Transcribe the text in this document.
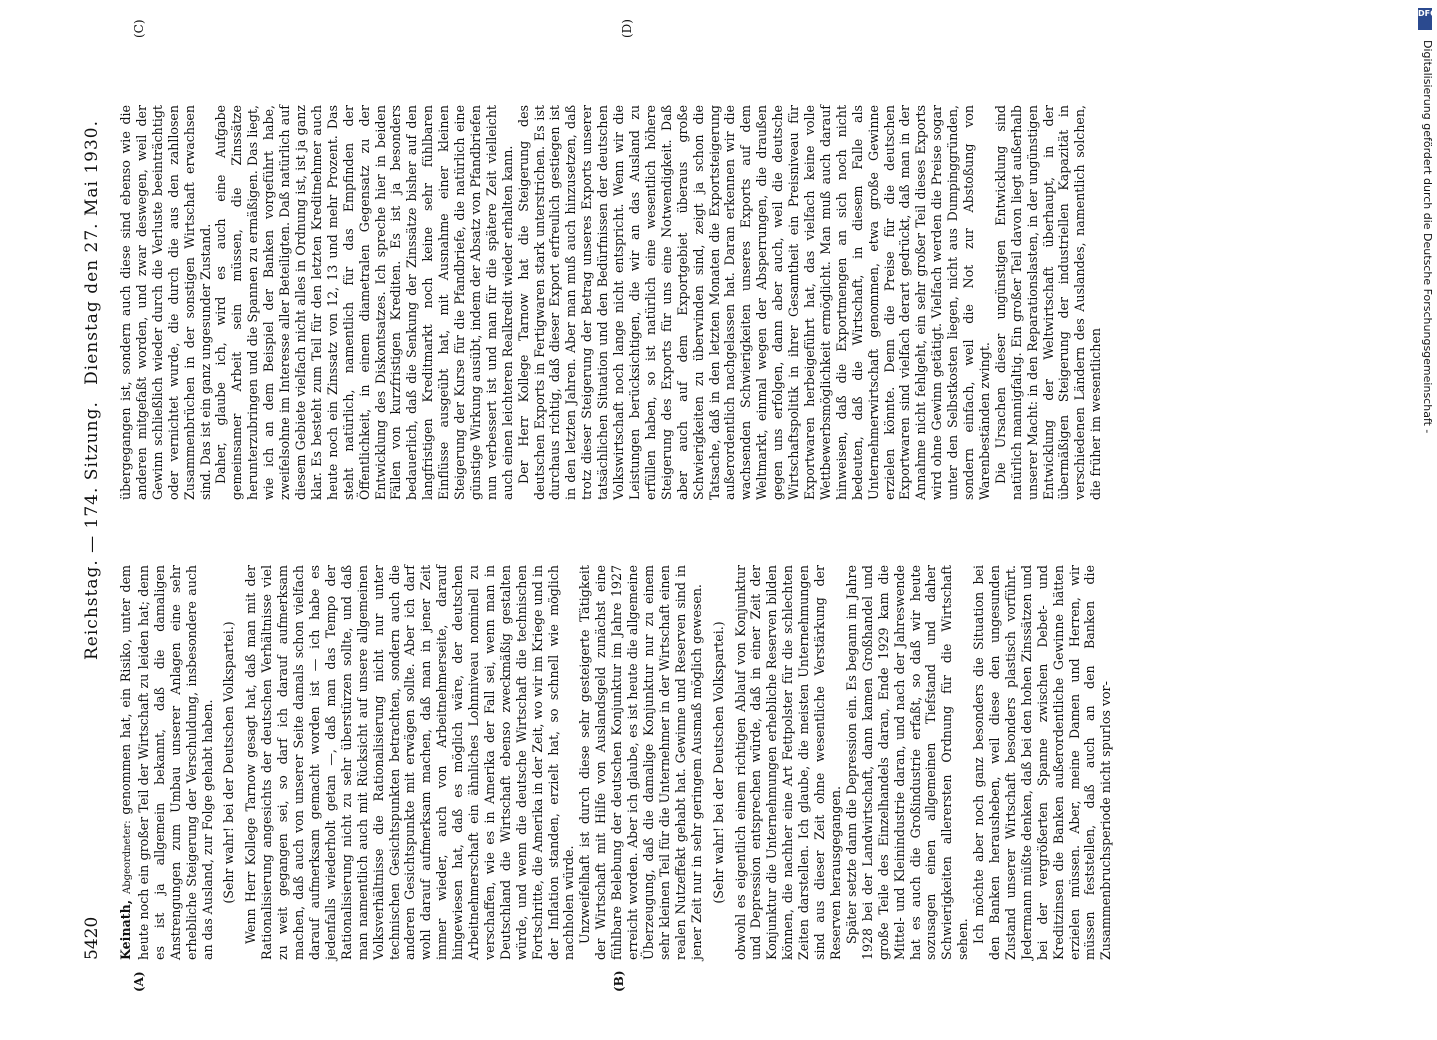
5420
Reichstag. — 174. Sitzung.
Dienstag den 27. Mai 1930.
(A)	(B)
(C)	(D)

Keinath, Abgeordneter: genommen hat, ein Risiko, unter dem heute noch ein großer Teil der Wirtschaft zu leiden hat; denn es ist ja allgemein bekannt, daß die damaligen Anstrengungen zum Umbau unserer Anlagen eine sehr erhebliche Steigerung der Verschuldung, insbesondere auch an das Ausland, zur Folge gehabt haben. (Sehr wahr! bei der Deutschen Volkspartei.) Wenn Herr Kollege Tarnow gesagt hat, daß man mit der Rationalisierung angesichts der deutschen Verhältnisse viel zu weit gegangen sei, so darf ich darauf aufmerksam machen, daß auch von unserer Seite damals schon vielfach darauf aufmerksam gemacht worden ist — ich habe es jedenfalls wiederholt getan —, daß man das Tempo der Rationalisierung nicht zu sehr überstürzen sollte, und daß man namentlich auch mit Rücksicht auf unsere allgemeinen Volksverhältnisse die Rationalisierung nicht nur unter technischen Gesichtspunkten betrachten, sondern auch die anderen Gesichtspunkte mit erwägen sollte. Aber ich darf wohl darauf aufmerksam machen, daß man in jener Zeit immer wieder, auch von Arbeitnehmerseite, darauf hingewiesen hat, daß es möglich wäre, der deutschen Arbeitnehmerschaft ein ähnliches Lohnniveau nominell zu verschaffen, wie es in Amerika der Fall sei, wenn man in Deutschland die Wirtschaft ebenso zweckmäßig gestalten würde, und wenn die deutsche Wirtschaft die technischen Fortschritte, die Amerika in der Zeit, wo wir im Kriege und in der Inflation standen, erzielt hat, so schnell wie möglich nachholen würde. Unzweifelhaft ist durch diese sehr gesteigerte Tätigkeit der Wirtschaft mit Hilfe von Auslandsgeld zunächst eine fühlbare Belebung der deutschen Konjunktur im Jahre 1927 erreicht worden. Aber ich glaube, es ist heute die allgemeine Überzeugung, daß die damalige Konjunktur nur zu einem sehr kleinen Teil für die Unternehmer in der Wirtschaft einen realen Nutzeffekt gehabt hat. Gewinne und Reserven sind in jener Zeit nur in sehr geringem Ausmaß möglich gewesen. (Sehr wahr! bei der Deutschen Volkspartei.) obwohl es eigentlich einem richtigen Ablauf von Konjunktur und Depression entsprechen würde, daß in einer Zeit der Konjunktur die Unternehmungen erhebliche Reserven bilden können, die nachher eine Art Fettpolster für die schlechten Zeiten darstellen. Ich glaube, die meisten Unternehmungen sind aus dieser Zeit ohne wesentliche Verstärkung der Reserven herausgegangen. Später setzte dann die Depression ein. Es begann im Jahre 1928 bei der Landwirtschaft, dann kamen Großhandel und große Teile des Einzelhandels daran, Ende 1929 kam die Mittel- und Kleinindustrie daran, und nach der Jahreswende hat es auch die Großindustrie erfaßt, so daß wir heute sozusagen einen allgemeinen Tiefstand und daher Schwierigkeiten allerersten Ordnung für die Wirtschaft sehen. Ich möchte aber noch ganz besonders die Situation bei den Banken herausheben, weil diese den ungesunden Zustand unserer Wirtschaft besonders plastisch vorführt. Jedermann müßte denken, daß bei den hohen Zinssätzen und bei der vergrößerten Spanne zwischen Debet- und Kreditzinsen die Banken außerordentliche Gewinne hätten erzielen müssen. Aber, meine Damen und Herren, wir müssen feststellen, daß auch an den Banken die Zusammenbruchsperiode nicht spurlos vor-

übergegangen ist, sondern auch diese sind ebenso wie die anderen mitgefaßt worden, und zwar deswegen, weil der Gewinn schließlich wieder durch die Verluste beeinträchtigt oder vernichtet wurde, die durch die aus den zahllosen Zusammenbrüchen in der sonstigen Wirtschaft erwachsen sind. Das ist ein ganz ungesunder Zustand. Daher, glaube ich, wird es auch eine Aufgabe gemeinsamer Arbeit sein müssen, die Zinssätze herunterzubringen und die Spannen zu ermäßigen. Das liegt, wie ich an dem Beispiel der Banken vorgeführt habe, zweifelsohne im Interesse aller Beteiligten. Daß natürlich auf diesem Gebiete vielfach nicht alles in Ordnung ist, ist ja ganz klar. Es besteht zum Teil für den letzten Kreditnehmer auch heute noch ein Zinssatz von 12, 13 und mehr Prozent. Das steht natürlich, namentlich für das Empfinden der Öffentlichkeit, in einem diametralen Gegensatz zu der Entwicklung des Diskontsatzes. Ich spreche hier in beiden Fällen von kurzfristigen Krediten. Es ist ja besonders bedauerlich, daß die Senkung der Zinssätze bisher auf den langfristigen Kreditmarkt noch keine sehr fühlbaren Einflüsse ausgeübt hat, mit Ausnahme einer kleinen Steigerung der Kurse für die Pfandbriefe, die natürlich eine günstige Wirkung ausübt, indem der Absatz von Pfandbriefen nun verbessert ist und man für die spätere Zeit vielleicht auch einen leichteren Realkredit wieder erhalten kann. Der Herr Kollege Tarnow hat die Steigerung des deutschen Exports in Fertigwaren stark unterstrichen. Es ist durchaus richtig, daß dieser Export erfreulich gestiegen ist in den letzten Jahren. Aber man muß auch hinzusetzen, daß trotz dieser Steigerung der Betrag unseres Exports unserer tatsächlichen Situation und den Bedürfnissen der deutschen Volkswirtschaft noch lange nicht entspricht. Wenn wir die Leistungen berücksichtigen, die wir an das Ausland zu erfüllen haben, so ist natürlich eine wesentlich höhere Steigerung des Exports für uns eine Notwendigkeit. Daß aber auch auf dem Exportgebiet überaus große Schwierigkeiten zu überwinden sind, zeigt ja schon die Tatsache, daß in den letzten Monaten die Exportsteigerung außerordentlich nachgelassen hat. Daran erkennen wir die wachsenden Schwierigkeiten unseres Exports auf dem Weltmarkt, einmal wegen der Absperrungen, die draußen gegen uns erfolgen, dann aber auch, weil die deutsche Wirtschaftspolitik in ihrer Gesamtheit ein Preisniveau für Exportwaren herbeigeführt hat, das vielfach keine volle Wettbewerbsmöglichkeit ermöglicht. Man muß auch darauf hinweisen, daß die Exportmengen an sich noch nicht bedeuten, daß die Wirtschaft, in diesem Falle als Unternehmerwirtschaft genommen, etwa große Gewinne erzielen könnte. Denn die Preise für die deutschen Exportwaren sind vielfach derart gedrückt, daß man in der Annahme nicht fehlgeht, ein sehr großer Teil dieses Exports wird ohne Gewinn getätigt. Vielfach werden die Preise sogar unter den Selbstkosten liegen, nicht aus Dumpinggründen, sondern einfach, weil die Not zur Abstoßung von Warenbeständen zwingt. Die Ursachen dieser ungünstigen Entwicklung sind natürlich mannigfaltig. Ein großer Teil davon liegt außerhalb unserer Macht: in den Reparationslasten, in der ungünstigen Entwicklung der Weltwirtschaft überhaupt, in der übermäßigen Steigerung der industriellen Kapazität in verschiedenen Ländern des Auslandes, namentlich solchen, die früher im wesentlichen	Digitalisierung gefördert durch die Deutsche Forschungsgemeinschaft -
DFG
